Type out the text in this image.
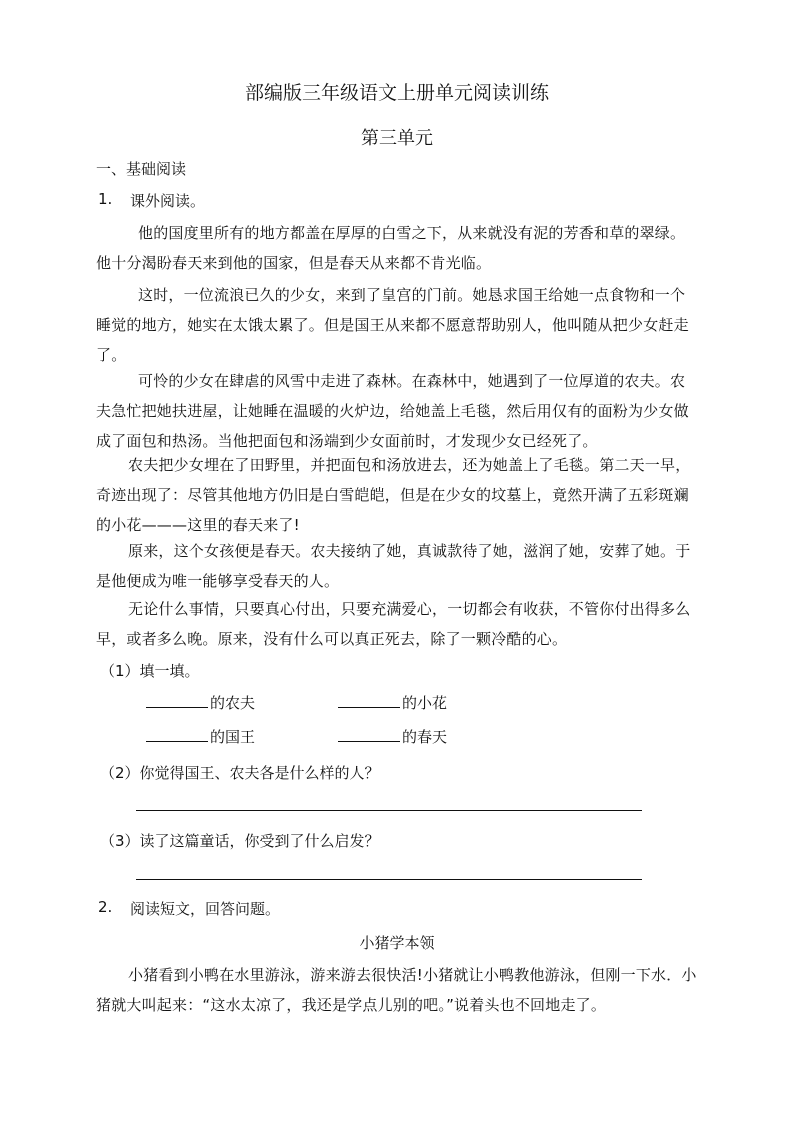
部编版三年级语文上册单元阅读训练
第三单元
一、基础阅读
1. 课外阅读。
他的国度里所有的地方都盖在厚厚的白雪之下，从来就没有泥的芳香和草的翠绿。他十分渴盼春天来到他的国家，但是春天从来都不肯光临。
这时，一位流浪已久的少女，来到了皇宫的门前。她恳求国王给她一点食物和一个睡觉的地方，她实在太饿太累了。但是国王从来都不愿意帮助别人，他叫随从把少女赶走了。
可怜的少女在肆虐的风雪中走进了森林。在森林中，她遇到了一位厚道的农夫。农夫急忙把她扶进屋，让她睡在温暖的火炉边，给她盖上毛毯，然后用仅有的面粉为少女做成了面包和热汤。当他把面包和汤端到少女面前时，才发现少女已经死了。
农夫把少女埋在了田野里，并把面包和汤放进去，还为她盖上了毛毯。第二天一早，奇迹出现了：尽管其他地方仍旧是白雪皑皑，但是在少女的坟墓上，竟然开满了五彩斑斓的小花———这里的春天来了!
原来，这个女孩便是春天。农夫接纳了她，真诚款待了她，滋润了她，安葬了她。于是他便成为唯一能够享受春天的人。
无论什么事情，只要真心付出，只要充满爱心，一切都会有收获，不管你付出得多么早，或者多么晚。原来，没有什么可以真正死去，除了一颗冷酷的心。
（1）填一填。
的农夫	的小花
的国王	的春天
（2）你觉得国王、农夫各是什么样的人？
（3）读了这篇童话，你受到了什么启发？
2. 阅读短文，回答问题。
小猪学本领
小猪看到小鸭在水里游泳，游来游去很快活!小猪就让小鸭教他游泳，但刚一下水．小猪就大叫起来：“这水太凉了，我还是学点儿别的吧。”说着头也不回地走了。
